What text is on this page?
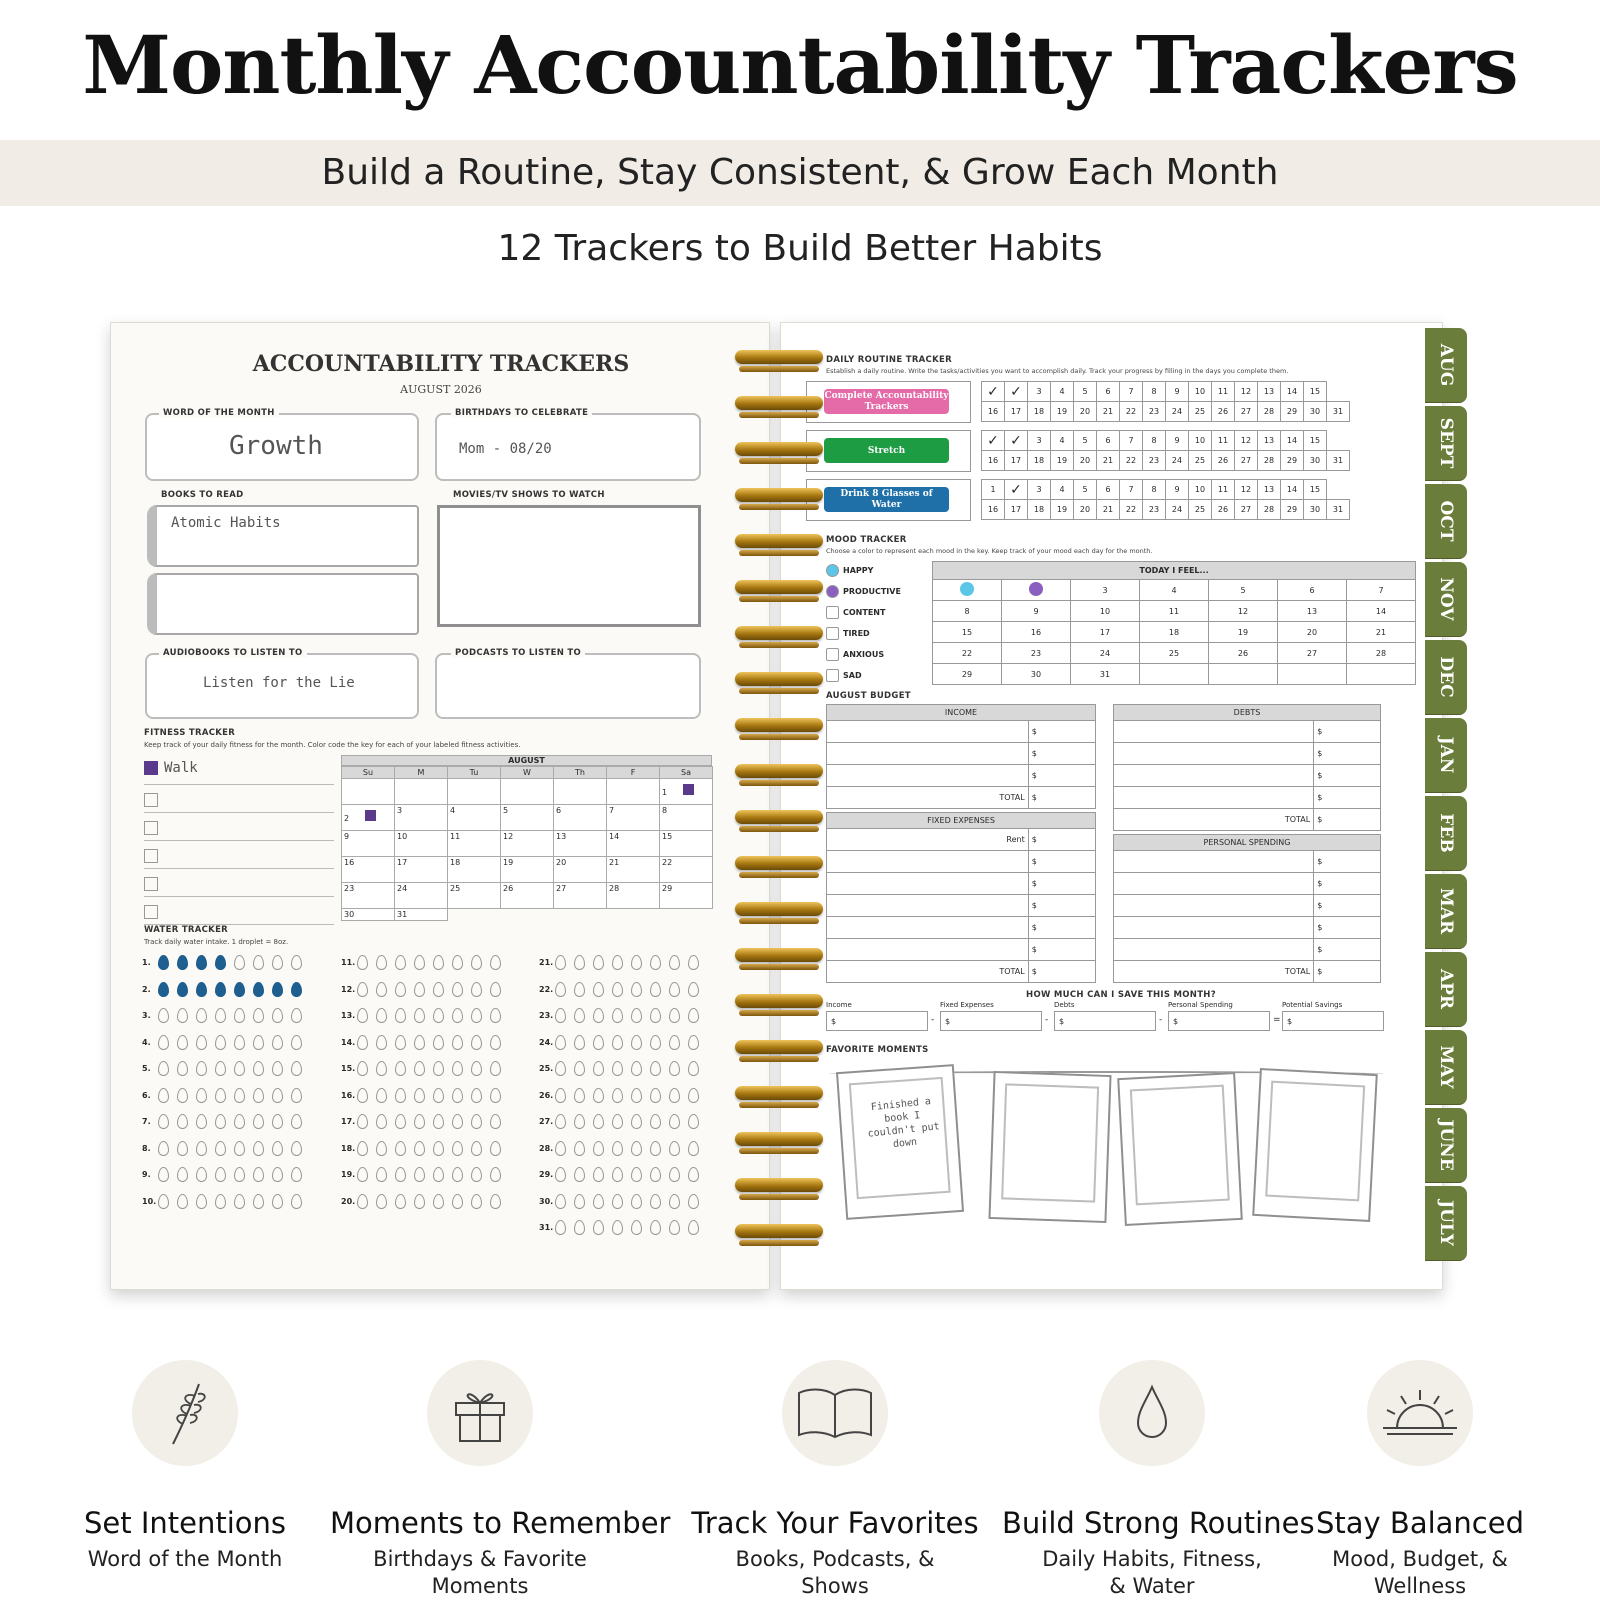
Monthly Accountability Trackers
Build a Routine, Stay Consistent, & Grow Each Month
12 Trackers to Build Better Habits
ACCOUNTABILITY TRACKERS
AUGUST 2026
WORD OF THE MONTH
Growth
BIRTHDAYS TO CELEBRATE
Mom - 08/20
BOOKS TO READ
Atomic Habits
MOVIES/TV SHOWS TO WATCH
AUDIOBOOKS TO LISTEN TO
Listen for the Lie
PODCASTS TO LISTEN TO
FITNESS TRACKER
Keep track of your daily fitness for the month. Color code the key for each of your labeled fitness activities.
Walk	AUGUST
Su	M	Tu	W	Th	F	Sa
						1
2	3	4	5	6	7	8
9	10	11	12	13	14	15
16	17	18	19	20	21	22
23	24	25	26	27	28	29
30	31				
WATER TRACKER
Track daily water intake. 1 droplet = 8oz.
1.
2.
3.
4.
5.
6.
7.
8.
9.
10.
11.
12.
13.
14.
15.
16.
17.
18.
19.
20.
21.
22.
23.
24.
25.
26.
27.
28.
29.
30.
31.
DAILY ROUTINE TRACKER
Establish a daily routine. Write the tasks/activities you want to accomplish daily. Track your progress by filling in the days you complete them.
Complete Accountability Trackers
✓	✓	3	4	5	6	7	8	9	10	11	12	13	14	15	
16	17	18	19	20	21	22	23	24	25	26	27	28	29	30	31
Stretch
✓	✓	3	4	5	6	7	8	9	10	11	12	13	14	15	
16	17	18	19	20	21	22	23	24	25	26	27	28	29	30	31
Drink 8 Glasses of Water
1	✓	3	4	5	6	7	8	9	10	11	12	13	14	15	
16	17	18	19	20	21	22	23	24	25	26	27	28	29	30	31
MOOD TRACKER
Choose a color to represent each mood in the key. Keep track of your mood each day for the month.
HAPPY
PRODUCTIVE
CONTENT
TIRED
ANXIOUS
SAD
TODAY I FEEL...						
		3	4	5	6	7
8	9	10	11	12	13	14
15	16	17	18	19	20	21
22	23	24	25	26	27	28
29	30	31				
AUGUST BUDGET
INCOME	
	$
	$
	$
TOTAL	$
DEBTS	
	$
	$
	$
	$
TOTAL	$
FIXED EXPENSES	
Rent	$
	$
	$
	$
	$
	$
TOTAL	$
PERSONAL SPENDING	
	$
	$
	$
	$
	$
TOTAL	$
HOW MUCH CAN I SAVE THIS MONTH?
Income
$	-
Fixed Expenses
$	-
Debts
$	-
Personal Spending
$	=
Potential Savings
$
FAVORITE MOMENTS
Finished a book I couldn't put down
AUG
SEPT
OCT
NOV
DEC
JAN
FEB
MAR
APR
MAY
JUNE
JULY
Set Intentions
Word of the Month
Moments to Remember
Birthdays & Favorite Moments
Track Your Favorites
Books, Podcasts, & Shows
Build Strong Routines
Daily Habits, Fitness, & Water
Stay Balanced
Mood, Budget, & Wellness
